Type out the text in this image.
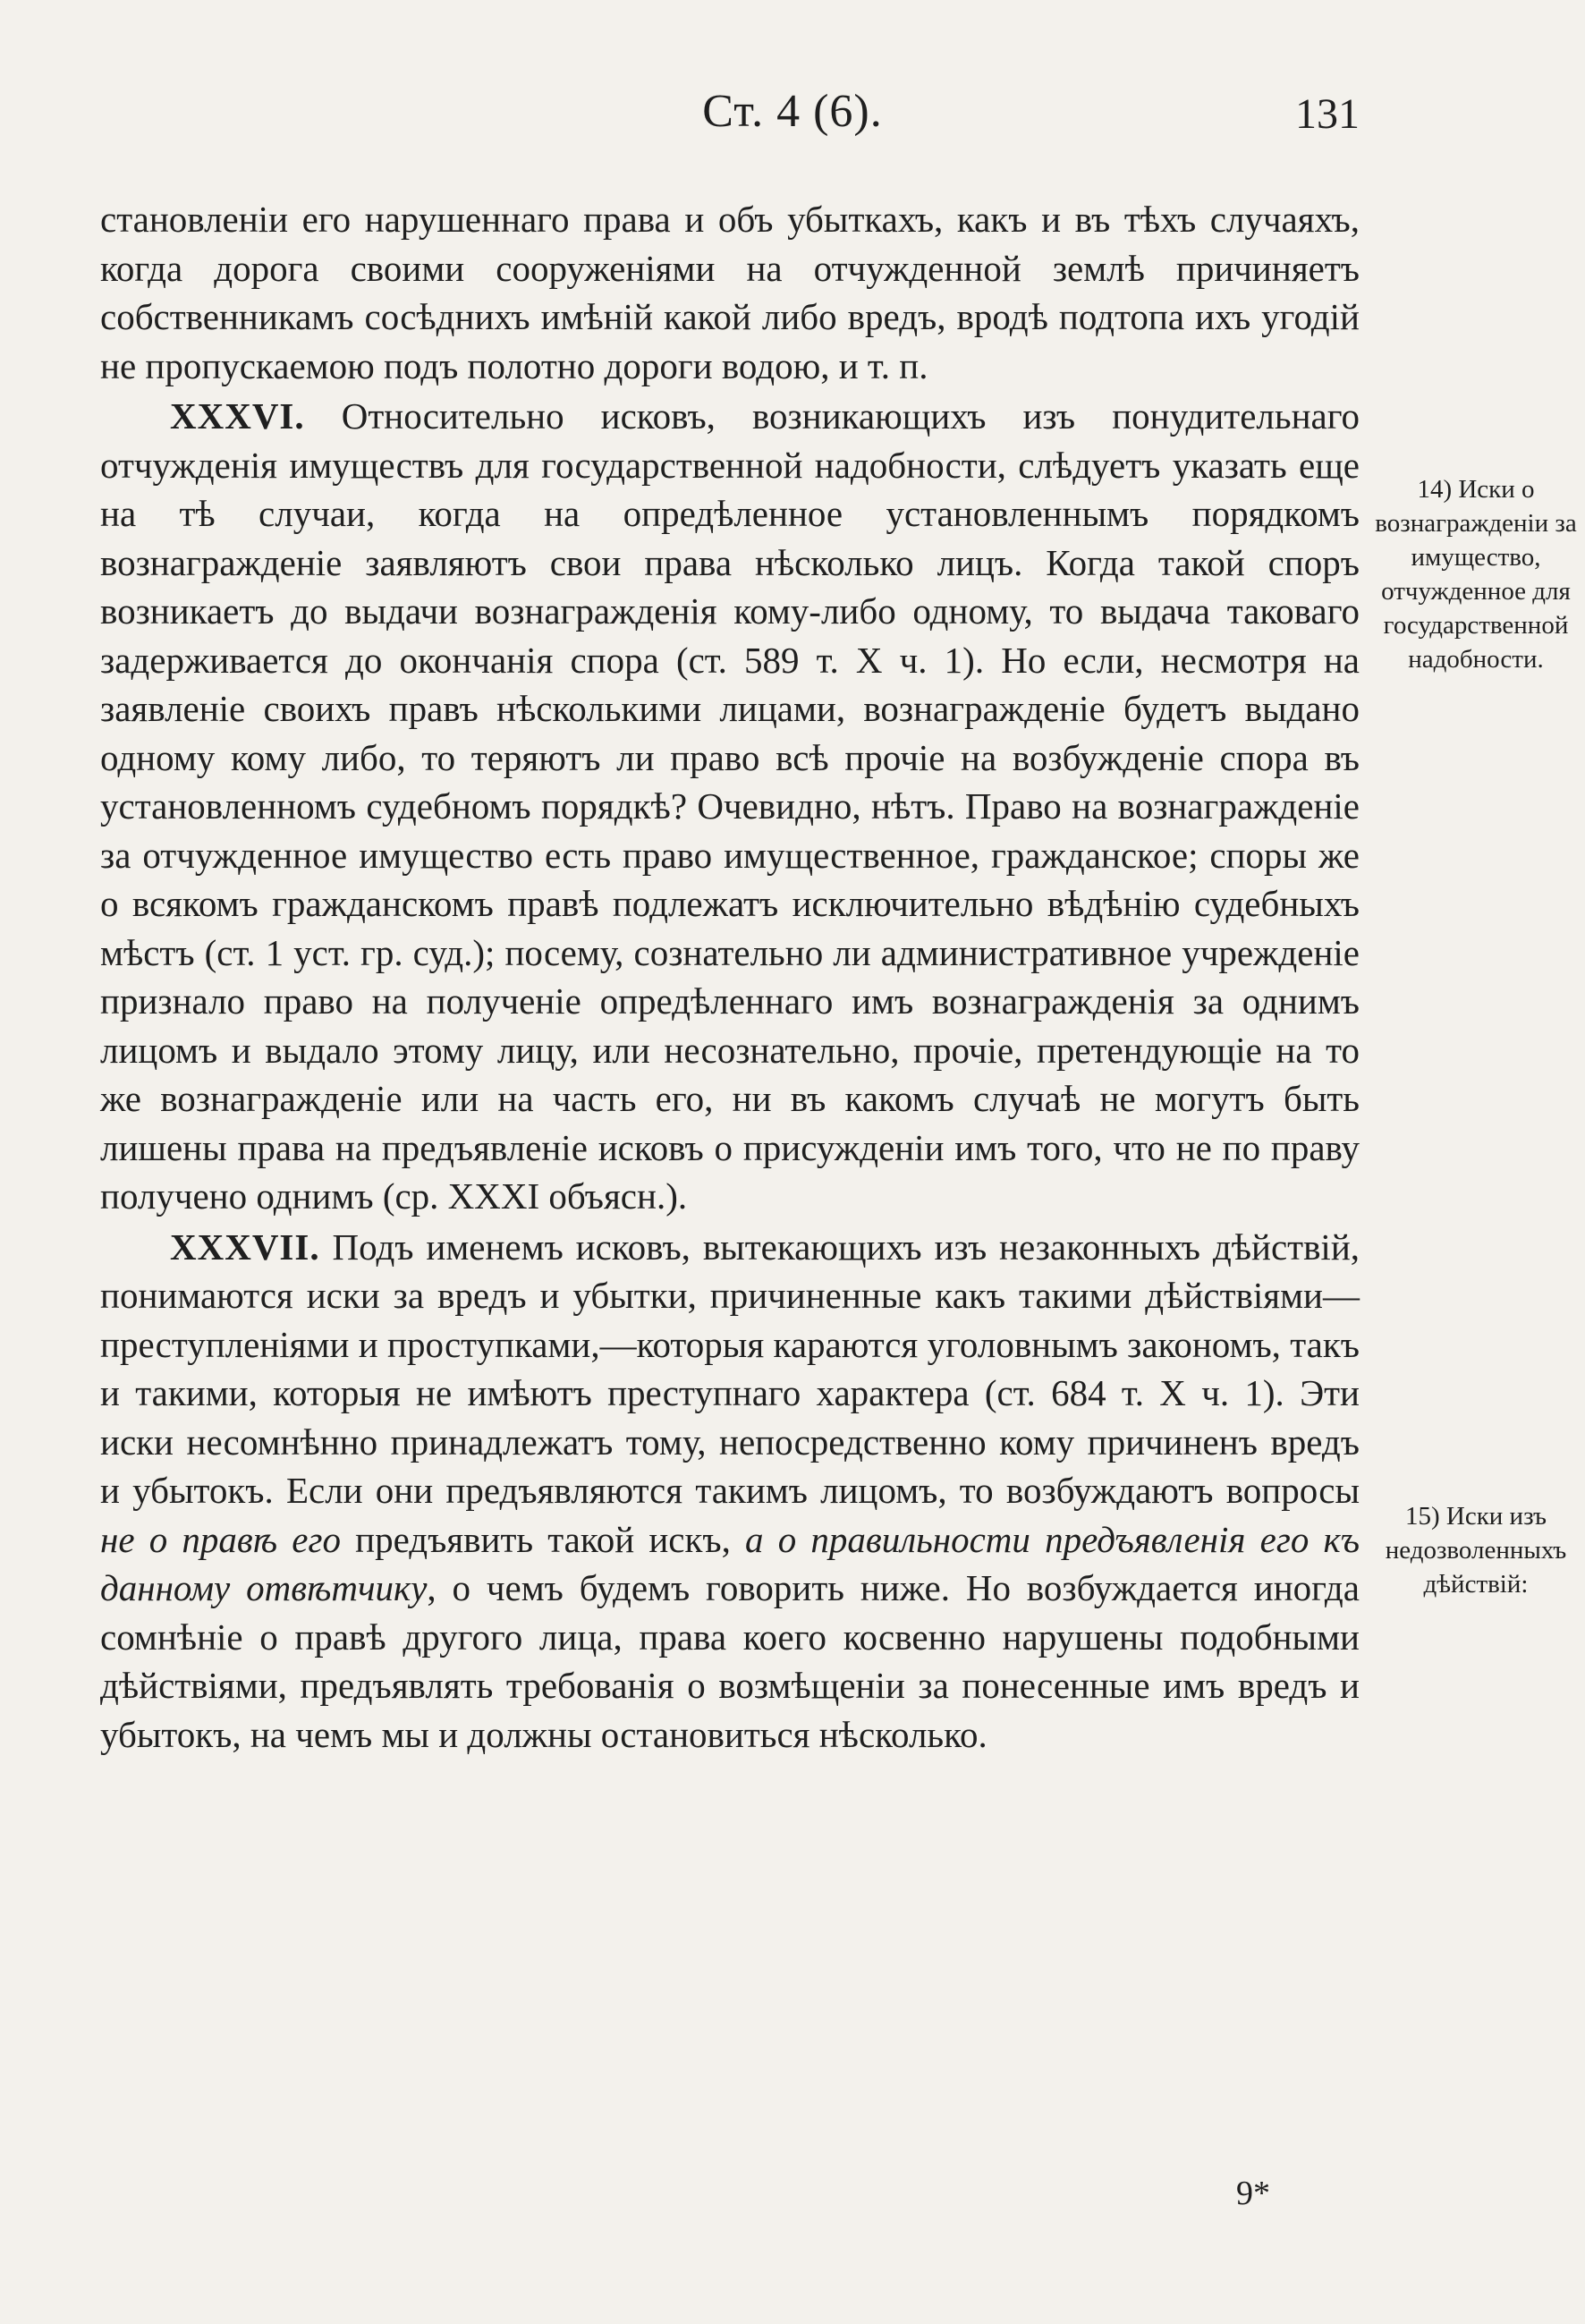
Ст. 4 (6).	131

становленiи его нарушеннаго права и объ убыткахъ, какъ и въ тѣхъ случаяхъ, когда дорога своими сооруженiями на отчужденной землѣ причиняетъ собственникамъ сосѣднихъ имѣнiй какой либо вредъ, вродѣ подтопа ихъ угодiй не пропускаемою подъ полотно дороги водою, и т. п.

XXXVI. Относительно исковъ, возникающихъ изъ понудительнаго отчужденiя имуществъ для государственной надобности, слѣдуетъ указать еще на тѣ случаи, когда на опредѣленное установленнымъ порядкомъ вознагражденiе заявляютъ свои права нѣсколько лицъ. Когда такой споръ возникаетъ до выдачи вознагражденiя кому-либо одному, то выдача таковаго задерживается до окончанiя спора (ст. 589 т. X ч. 1). Но если, несмотря на заявленiе своихъ правъ нѣсколькими лицами, вознагражденiе будетъ выдано одному кому либо, то теряютъ ли право всѣ прочiе на возбужденiе спора въ установленномъ судебномъ порядкѣ? Очевидно, нѣтъ. Право на вознагражденiе за отчужденное имущество есть право имущественное, гражданское; споры же о всякомъ гражданскомъ правѣ подлежатъ исключительно вѣдѣнiю судебныхъ мѣстъ (ст. 1 уст. гр. суд.); посему, сознательно ли административное учрежденiе признало право на полученiе опредѣленнаго имъ вознагражденiя за однимъ лицомъ и выдало этому лицу, или несознательно, прочiе, претендующiе на то же вознагражденiе или на часть его, ни въ какомъ случаѣ не могутъ быть лишены права на предъявленiе исковъ о присужденiи имъ того, что не по праву получено однимъ (ср. XXXI объясн.).

XXXVII. Подъ именемъ исковъ, вытекающихъ изъ незаконныхъ дѣйствiй, понимаются иски за вредъ и убытки, причиненные какъ такими дѣйствiями—преступленiями и проступками,—которыя караются уголовнымъ закономъ, такъ и такими, которыя не имѣютъ преступнаго характера (ст. 684 т. X ч. 1). Эти иски несомнѣнно принадлежатъ тому, непосредственно кому причиненъ вредъ и убытокъ. Если они предъявляются такимъ лицомъ, то возбуждаютъ вопросы не о правѣ его предъявить такой искъ, а о правильности предъявленiя его къ данному отвѣтчику, о чемъ будемъ говорить ниже. Но возбуждается иногда сомнѣнiе о правѣ другого лица, права коего косвенно нарушены подобными дѣйствiями, предъявлять требованiя о возмѣщенiи за понесенные имъ вредъ и убытокъ, на чемъ мы и должны остановиться нѣсколько.

14) Иски о вознагражденiи за имущество, отчужденное для государственной надобности.
15) Иски изъ недозволенныхъ дѣйствiй:
9*
